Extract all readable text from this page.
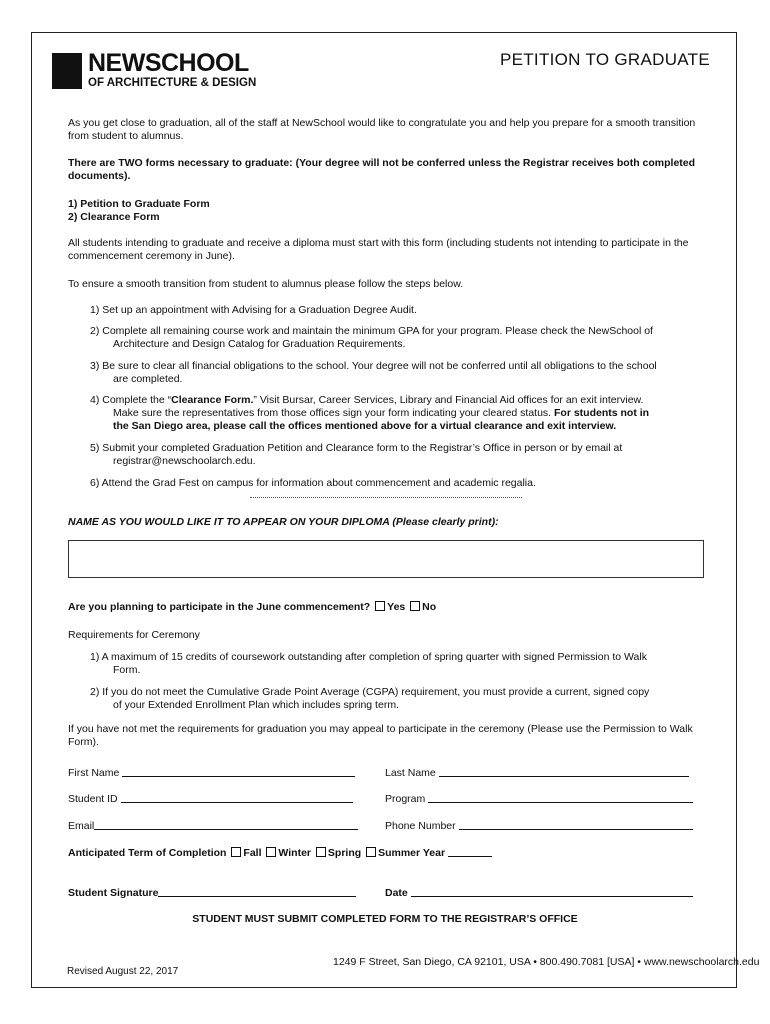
NEWSCHOOL
OF ARCHITECTURE & DESIGN
PETITION TO GRADUATE
As you get close to graduation, all of the staff at NewSchool would like to congratulate you and help you prepare for a smooth transition from student to alumnus.
There are TWO forms necessary to graduate: (Your degree will not be conferred unless the Registrar receives both completed documents).
1) Petition to Graduate Form
2) Clearance Form
All students intending to graduate and receive a diploma must start with this form (including students not intending to participate in the commencement ceremony in June).
To ensure a smooth transition from student to alumnus please follow the steps below.
1) Set up an appointment with Advising for a Graduation Degree Audit.
2) Complete all remaining course work and maintain the minimum GPA for your program. Please check the NewSchool of
Architecture and Design Catalog for Graduation Requirements.
3) Be sure to clear all financial obligations to the school. Your degree will not be conferred until all obligations to the school
are completed.
4) Complete the “Clearance Form.” Visit Bursar, Career Services, Library and Financial Aid offices for an exit interview.
Make sure the representatives from those offices sign your form indicating your cleared status. For students not in
the San Diego area, please call the offices mentioned above for a virtual clearance and exit interview.
5) Submit your completed Graduation Petition and Clearance form to the Registrar’s Office in person or by email at
registrar@newschoolarch.edu.
6) Attend the Grad Fest on campus for information about commencement and academic regalia.
NAME AS YOU WOULD LIKE IT TO APPEAR ON YOUR DIPLOMA (Please clearly print):
Are you planning to participate in the June commencement? Yes No
Requirements for Ceremony
1) A maximum of 15 credits of coursework outstanding after completion of spring quarter with signed Permission to Walk
Form.
2) If you do not meet the Cumulative Grade Point Average (CGPA) requirement, you must provide a current, signed copy
of your Extended Enrollment Plan which includes spring term.
If you have not met the requirements for graduation you may appeal to participate in the ceremony (Please use the Permission to Walk Form).
First Name	Last Name
Student ID	Program
Email	Phone Number
Anticipated Term of Completion Fall Winter Spring Summer Year
Student Signature	Date
STUDENT MUST SUBMIT COMPLETED FORM TO THE REGISTRAR’S OFFICE
1249 F Street, San Diego, CA 92101, USA • 800.490.7081 [USA] • www.newschoolarch.edu
Revised August 22, 2017
